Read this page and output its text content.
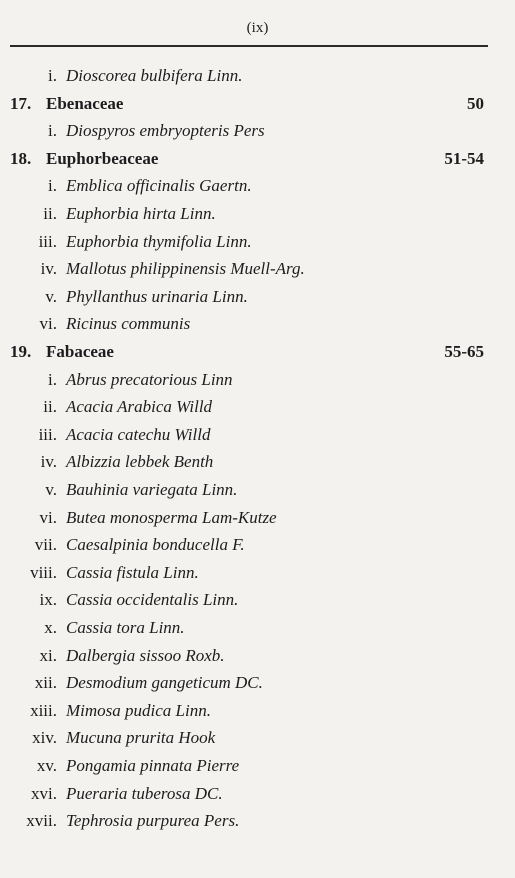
(ix)
i. Dioscorea bulbifera Linn.
17. Ebenaceae	50
i. Diospyros embryopteris Pers
18. Euphorbeaceae	51-54
i. Emblica officinalis Gaertn.
ii. Euphorbia hirta Linn.
iii. Euphorbia thymifolia Linn.
iv. Mallotus philippinensis Muell-Arg.
v. Phyllanthus urinaria Linn.
vi. Ricinus communis
19. Fabaceae	55-65
i. Abrus precatorious Linn
ii. Acacia Arabica Willd
iii. Acacia catechu Willd
iv. Albizzia lebbek Benth
v. Bauhinia variegata Linn.
vi. Butea monosperma Lam-Kutze
vii. Caesalpinia bonducella F.
viii. Cassia fistula Linn.
ix. Cassia occidentalis Linn.
x. Cassia tora Linn.
xi. Dalbergia sissoo Roxb.
xii. Desmodium gangeticum DC.
xiii. Mimosa pudica Linn.
xiv. Mucuna prurita Hook
xv. Pongamia pinnata Pierre
xvi. Pueraria tuberosa DC.
xvii. Tephrosia purpurea Pers.
